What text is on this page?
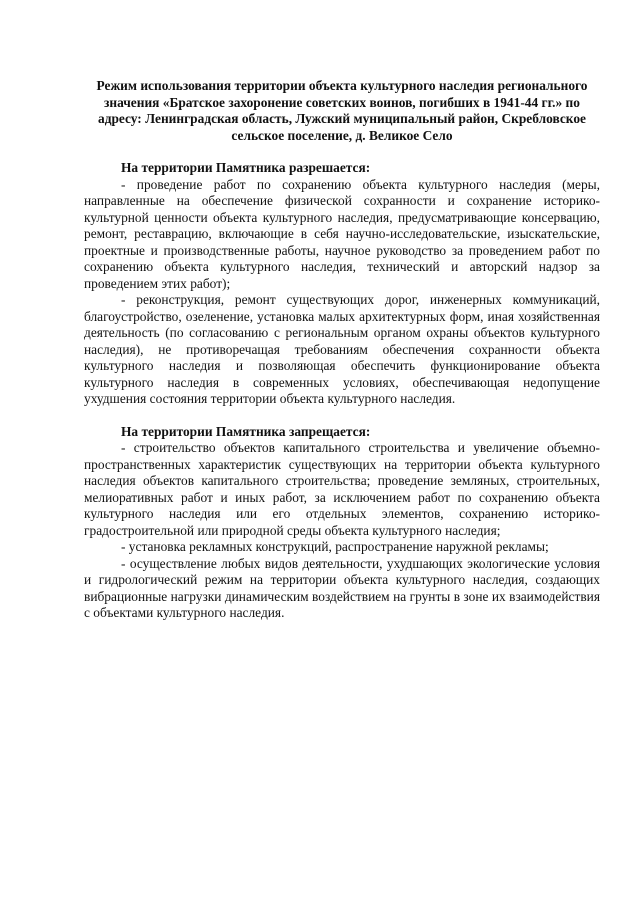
Режим использования территории объекта культурного наследия регионального значения «Братское захоронение советских воинов, погибших в 1941-44 гг.» по адресу: Ленинградская область, Лужский муниципальный район, Скребловское сельское поселение, д. Великое Село

На территории Памятника разрешается:

- проведение работ по сохранению объекта культурного наследия (меры, направленные на обеспечение физической сохранности и сохранение историко-культурной ценности объекта культурного наследия, предусматривающие консервацию, ремонт, реставрацию, включающие в себя научно-исследовательские, изыскательские, проектные и производственные работы, научное руководство за проведением работ по сохранению объекта культурного наследия, технический и авторский надзор за проведением этих работ);

- реконструкция, ремонт существующих дорог, инженерных коммуникаций, благоустройство, озеленение, установка малых архитектурных форм, иная хозяйственная деятельность (по согласованию с региональным органом охраны объектов культурного наследия), не противоречащая требованиям обеспечения сохранности объекта культурного наследия и позволяющая обеспечить функционирование объекта культурного наследия в современных условиях, обеспечивающая недопущение ухудшения состояния территории объекта культурного наследия.

На территории Памятника запрещается:

- строительство объектов капитального строительства и увеличение объемно-пространственных характеристик существующих на территории объекта культурного наследия объектов капитального строительства; проведение земляных, строительных, мелиоративных работ и иных работ, за исключением работ по сохранению объекта культурного наследия или его отдельных элементов, сохранению историко-градостроительной или природной среды объекта культурного наследия;

- установка рекламных конструкций, распространение наружной рекламы;

- осуществление любых видов деятельности, ухудшающих экологические условия и гидрологический режим на территории объекта культурного наследия, создающих вибрационные нагрузки динамическим воздействием на грунты в зоне их взаимодействия с объектами культурного наследия.
